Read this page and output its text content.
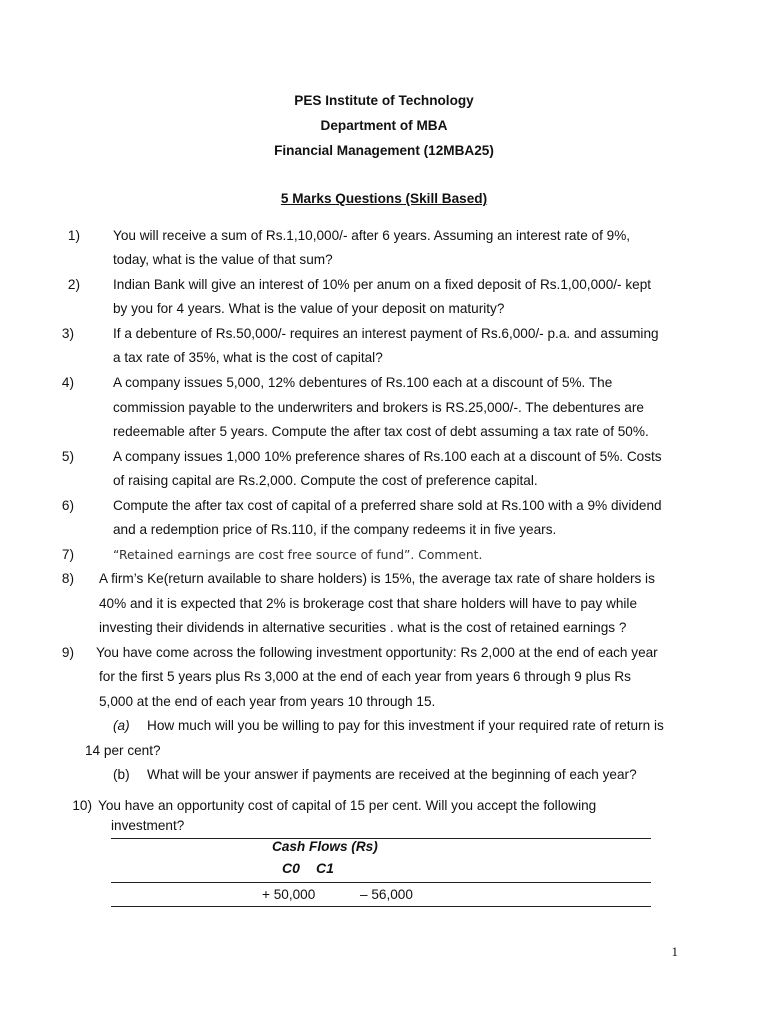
PES Institute of Technology
Department of MBA
Financial Management (12MBA25)
5 Marks Questions (Skill Based)
1) You will receive a sum of Rs.1,10,000/- after 6 years. Assuming an interest rate of 9%,
today, what is the value of that sum?
2) Indian Bank will give an interest of 10% per anum on a fixed deposit of Rs.1,00,000/- kept
by you for 4 years. What is the value of your deposit on maturity?
3)	If a debenture of Rs.50,000/- requires an interest payment of Rs.6,000/- p.a. and assuming
a tax rate of 35%, what is the cost of capital?
4)	A company issues 5,000, 12% debentures of Rs.100 each at a discount of 5%. The
commission payable to the underwriters and brokers is RS.25,000/-. The debentures are
redeemable after 5 years. Compute the after tax cost of debt assuming a tax rate of 50%.
5)	A company issues 1,000 10% preference shares of Rs.100 each at a discount of 5%. Costs
of raising capital are Rs.2,000. Compute the cost of preference capital.
6)	Compute the after tax cost of capital of a preferred share sold at Rs.100 with a 9% dividend
and a redemption price of Rs.110, if the company redeems it in five years.
7)	“Retained earnings are cost free source of fund”. Comment.
8) A firm’s Ke(return available to share holders) is 15%, the average tax rate of share holders is
40% and it is expected that 2% is brokerage cost that share holders will have to pay while
investing their dividends in alternative securities . what is the cost of retained earnings ?
9) You have come across the following investment opportunity: Rs 2,000 at the end of each year
for the first 5 years plus Rs 3,000 at the end of each year from years 6 through 9 plus Rs
5,000 at the end of each year from years 10 through 15.
(a) How much will you be willing to pay for this investment if your required rate of return is
14 per cent?
(b) What will be your answer if payments are received at the beginning of each year?
10) You have an opportunity cost of capital of 15 per cent. Will you accept the following
investment?
Cash Flows (Rs)
C0 C1
+ 50,000	– 56,000
1
